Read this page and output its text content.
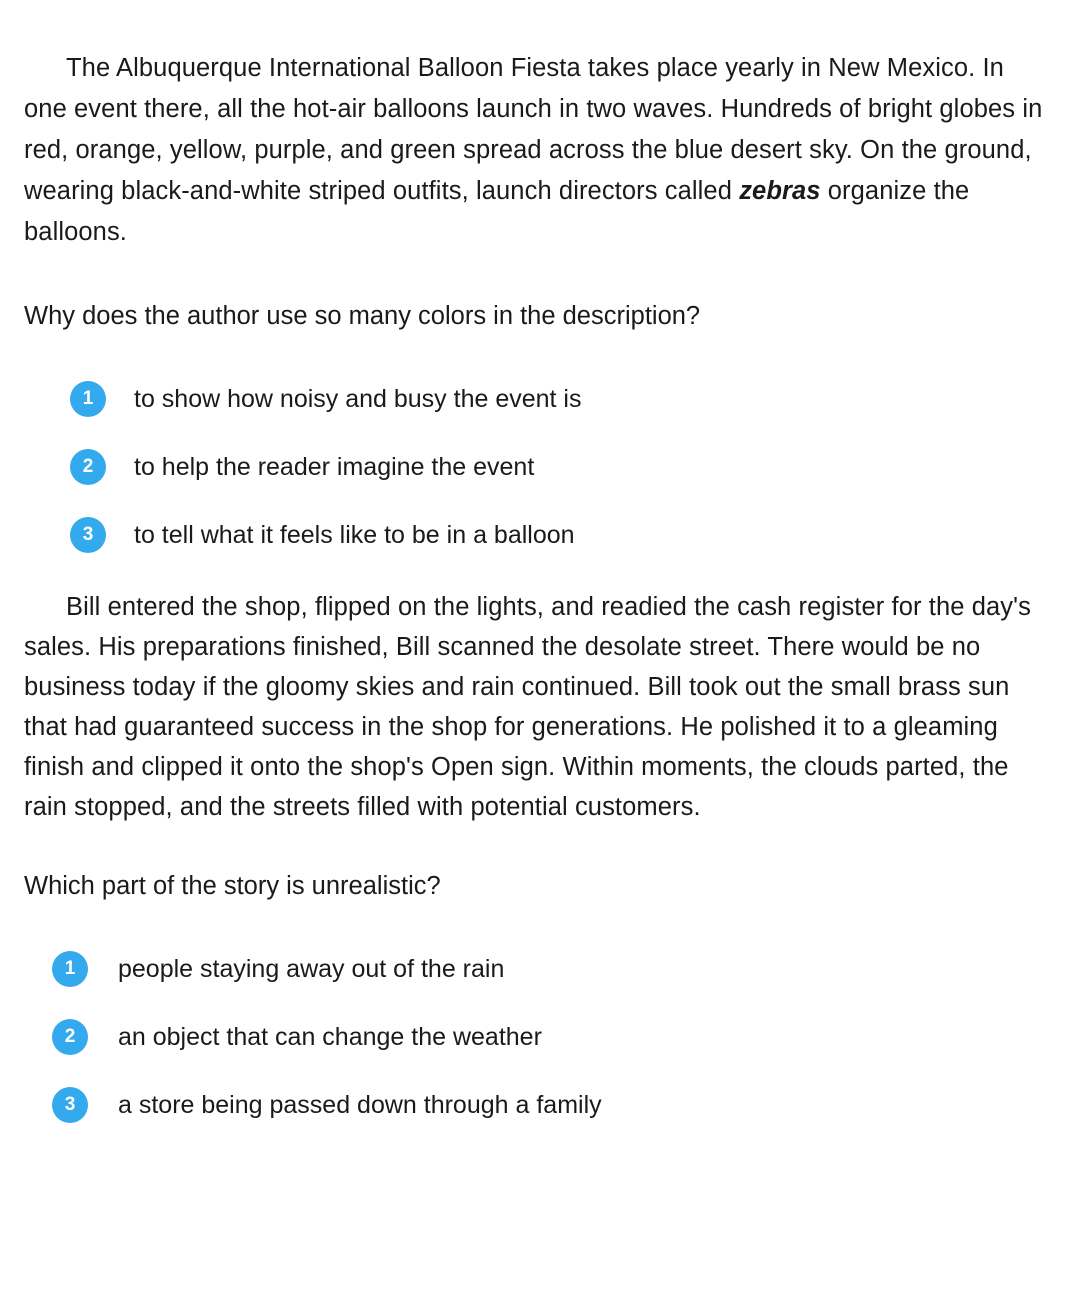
The Albuquerque International Balloon Fiesta takes place yearly in New Mexico. In one event there, all the hot-air balloons launch in two waves. Hundreds of bright globes in red, orange, yellow, purple, and green spread across the blue desert sky. On the ground, wearing black-and-white striped outfits, launch directors called zebras organize the balloons.

Why does the author use so many colors in the description?

1	to show how noisy and busy the event is
2	to help the reader imagine the event
3	to tell what it feels like to be in a balloon

Bill entered the shop, flipped on the lights, and readied the cash register for the day's sales. His preparations finished, Bill scanned the desolate street. There would be no business today if the gloomy skies and rain continued. Bill took out the small brass sun that had guaranteed success in the shop for generations. He polished it to a gleaming finish and clipped it onto the shop's Open sign. Within moments, the clouds parted, the rain stopped, and the streets filled with potential customers.

Which part of the story is unrealistic?

1	people staying away out of the rain
2	an object that can change the weather
3	a store being passed down through a family
